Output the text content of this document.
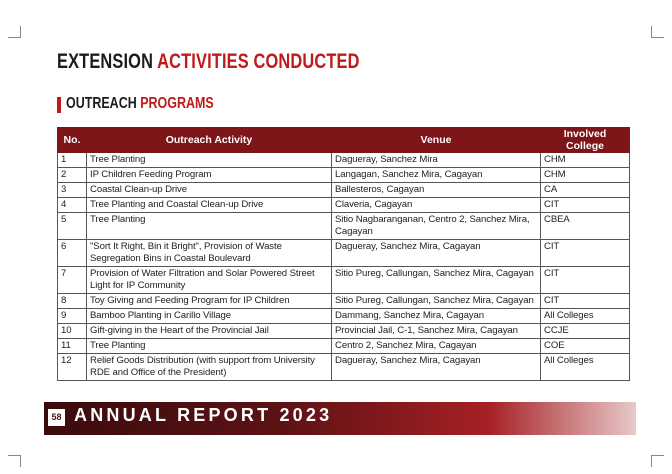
EXTENSION ACTIVITIES CONDUCTED
OUTREACH PROGRAMS
No.	Outreach Activity	Venue	Involved College
1	Tree Planting	Dagueray, Sanchez Mira	CHM
2	IP Children Feeding Program	Langagan, Sanchez Mira, Cagayan	CHM
3	Coastal Clean-up Drive	Ballesteros, Cagayan	CA
4	Tree Planting and Coastal Clean-up Drive	Claveria, Cagayan	CIT
5	Tree Planting	Sitio Nagbaranganan, Centro 2, Sanchez Mira, Cagayan	CBEA
6	"Sort It Right, Bin it Bright", Provision of Waste Segregation Bins in Coastal Boulevard	Dagueray, Sanchez Mira, Cagayan	CIT
7	Provision of Water Filtration and Solar Powered Street Light for IP Community	Sitio Pureg, Callungan, Sanchez Mira, Cagayan	CIT
8	Toy Giving and Feeding Program for IP Children	Sitio Pureg, Callungan, Sanchez Mira, Cagayan	CIT
9	Bamboo Planting in Carillo Village	Dammang, Sanchez Mira, Cagayan	All Colleges
10	Gift-giving in the Heart of the Provincial Jail	Provincial Jail, C-1, Sanchez Mira, Cagayan	CCJE
11	Tree Planting	Centro 2, Sanchez Mira, Cagayan	COE
12	Relief Goods Distribution (with support from University RDE and Office of the President)	Dagueray, Sanchez Mira, Cagayan	All Colleges
58 ANNUAL REPORT 2023
